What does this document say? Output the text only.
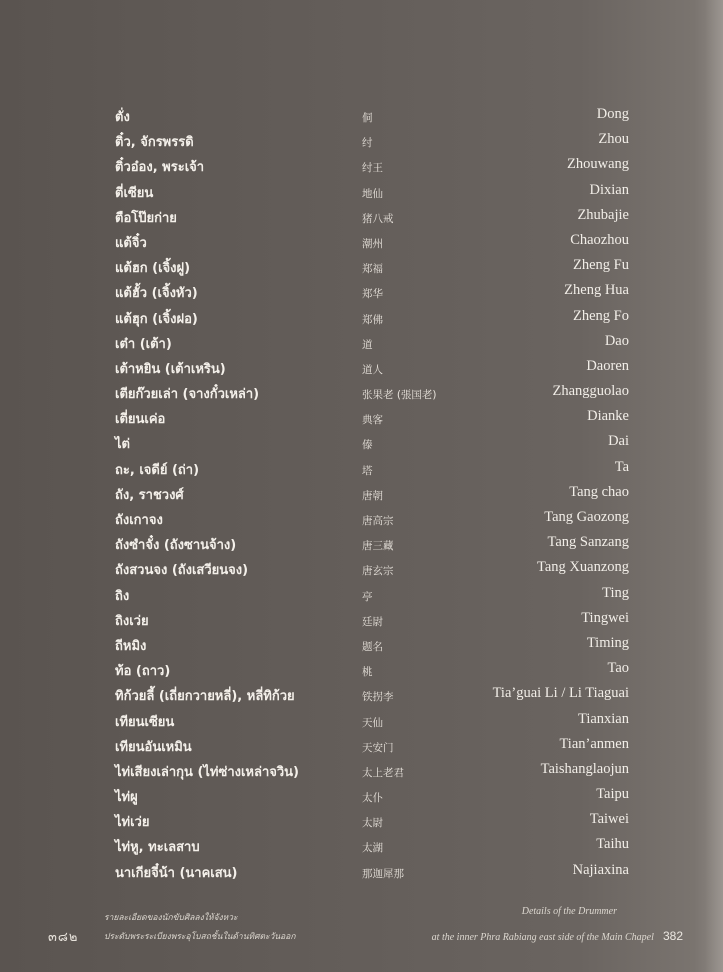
ตั่ง	侗	Dong
ติ๋ว, จักรพรรดิ	纣	Zhou
ติ๋วอ๋อง, พระเจ้า	纣王	Zhouwang
ตี่เซียน	地仙	Dixian
ตือโป๊ยก่าย	猪八戒	Zhubajie
แต้จิ๋ว	潮州	Chaozhou
แต้ฮก (เจิ้งฝู)	郑福	Zheng Fu
แต้ฮั้ว (เจิ้งหัว)	郑华	Zheng Hua
แต้ฮุก (เจิ้งฝอ)	郑佛	Zheng Fo
เต๋า (เต้า)	道	Dao
เต้าหยิน (เต้าเหริน)	道人	Daoren
เตียก๊วยเล่า (จางกั๋วเหล่า)	张果老 (張国老)	Zhangguolao
เตี่ยนเค่อ	典客	Dianke
ไต่	傣	Dai
ถะ, เจดีย์ (ถ่า)	塔	Ta
ถัง, ราชวงศ์	唐朝	Tang chao
ถังเกาจง	唐高宗	Tang Gaozong
ถังซำจั๋ง (ถังซานจ้าง)	唐三藏	Tang Sanzang
ถังสวนจง (ถังเสวียนจง)	唐玄宗	Tang Xuanzong
ถิง	亭	Ting
ถิงเว่ย	廷尉	Tingwei
ถีหมิง	题名	Timing
ท้อ (ถาว)	桃	Tao
ทิก้วยลี้ (เถี่ยกวายหลี่), หลี่ทิก้วย	铁拐李	Tia’guai Li / Li Tiaguai
เทียนเซียน	天仙	Tianxian
เทียนอันเหมิน	天安门	Tian’anmen
ไท่เสียงเล่ากุน (ไท่ซ่างเหล่าจวิน)	太上老君	Taishanglaojun
ไท่ผู	太仆	Taipu
ไท่เว่ย	太尉	Taiwei
ไท่หู, ทะเลสาบ	太湖	Taihu
นาเกียจี๋น้า (นาคเสน)	那迦犀那	Najiaxina
๓๘๒
รายละเอียดของนักขับศิลลงให้จังหวะ
ประดับพระระเบียงพระอุโบสถชั้นในด้านทิศตะวันออก
Details of the Drummer
at the inner Phra Rabiang east side of the Main Chapel 382
